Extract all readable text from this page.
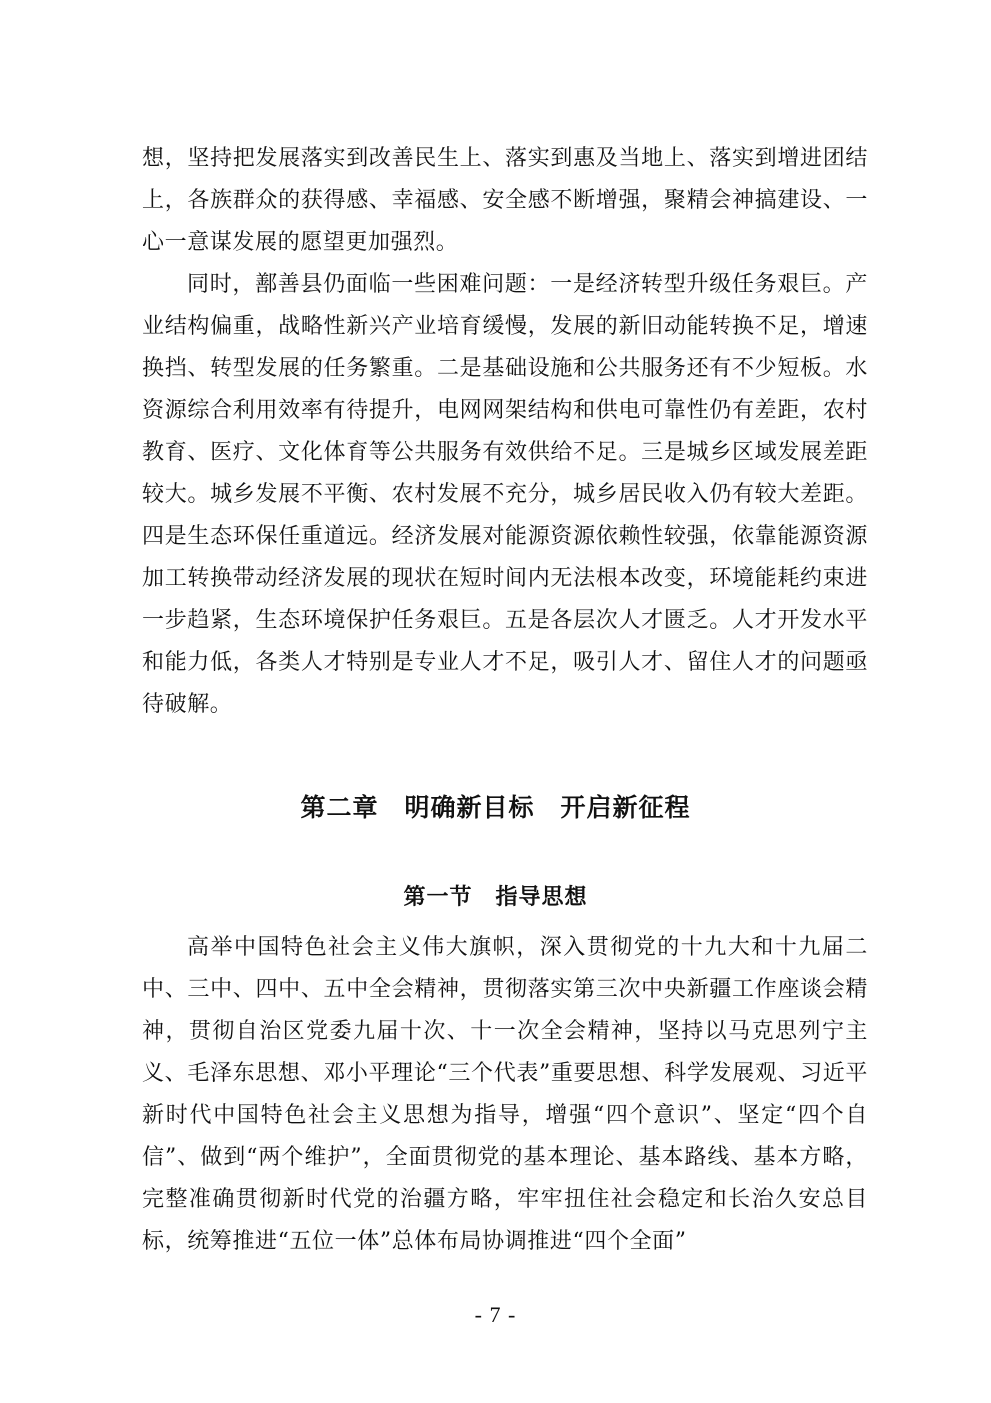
想，坚持把发展落实到改善民生上、落实到惠及当地上、落实到增进团结上，各族群众的获得感、幸福感、安全感不断增强，聚精会神搞建设、一心一意谋发展的愿望更加强烈。

同时，鄯善县仍面临一些困难问题：一是经济转型升级任务艰巨。产业结构偏重，战略性新兴产业培育缓慢，发展的新旧动能转换不足，增速换挡、转型发展的任务繁重。二是基础设施和公共服务还有不少短板。水资源综合利用效率有待提升，电网网架结构和供电可靠性仍有差距，农村教育、医疗、文化体育等公共服务有效供给不足。三是城乡区域发展差距较大。城乡发展不平衡、农村发展不充分，城乡居民收入仍有较大差距。四是生态环保任重道远。经济发展对能源资源依赖性较强，依靠能源资源加工转换带动经济发展的现状在短时间内无法根本改变，环境能耗约束进一步趋紧，生态环境保护任务艰巨。五是各层次人才匮乏。人才开发水平和能力低，各类人才特别是专业人才不足，吸引人才、留住人才的问题亟待破解。

第二章　明确新目标　开启新征程
第一节　指导思想

高举中国特色社会主义伟大旗帜，深入贯彻党的十九大和十九届二中、三中、四中、五中全会精神，贯彻落实第三次中央新疆工作座谈会精神，贯彻自治区党委九届十次、十一次全会精神，坚持以马克思列宁主义、毛泽东思想、邓小平理论“三个代表”重要思想、科学发展观、习近平新时代中国特色社会主义思想为指导，增强“四个意识”、坚定“四个自信”、做到“两个维护”，全面贯彻党的基本理论、基本路线、基本方略，完整准确贯彻新时代党的治疆方略，牢牢扭住社会稳定和长治久安总目标，统筹推进“五位一体”总体布局协调推进“四个全面”

- 7 -
